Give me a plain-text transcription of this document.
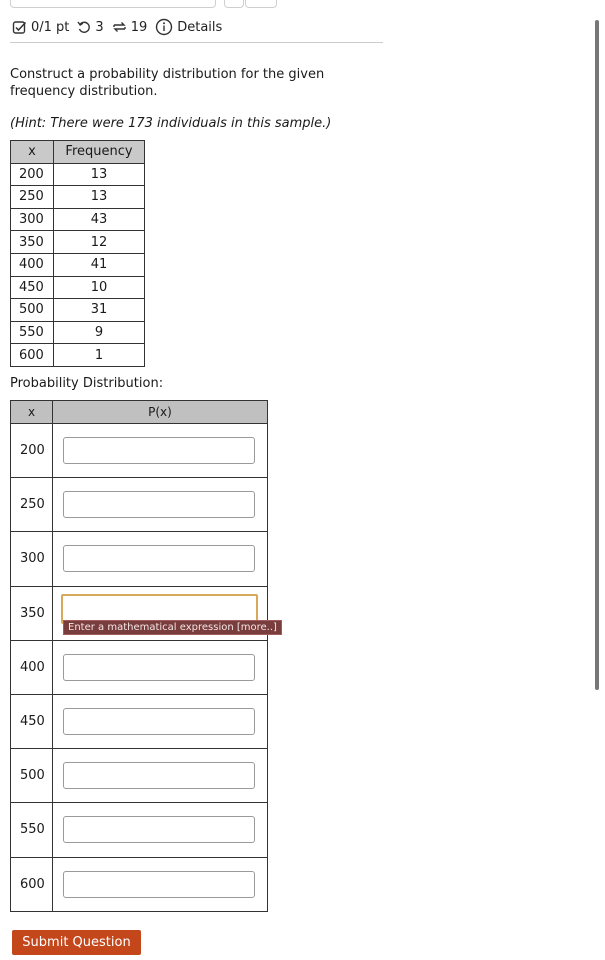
0/1 pt 3 19 Details
Construct a probability distribution for the given frequency distribution.
(Hint: There were 173 individuals in this sample.)
x	Frequency
200	13
250	13
300	43
350	12
400	41
450	10
500	31
550	9
600	1
Probability Distribution:
x	P(x)
200	

250	

300	

350	Enter a mathematical expression [more..]

400	

450	

500	

550	

600	
Submit Question
